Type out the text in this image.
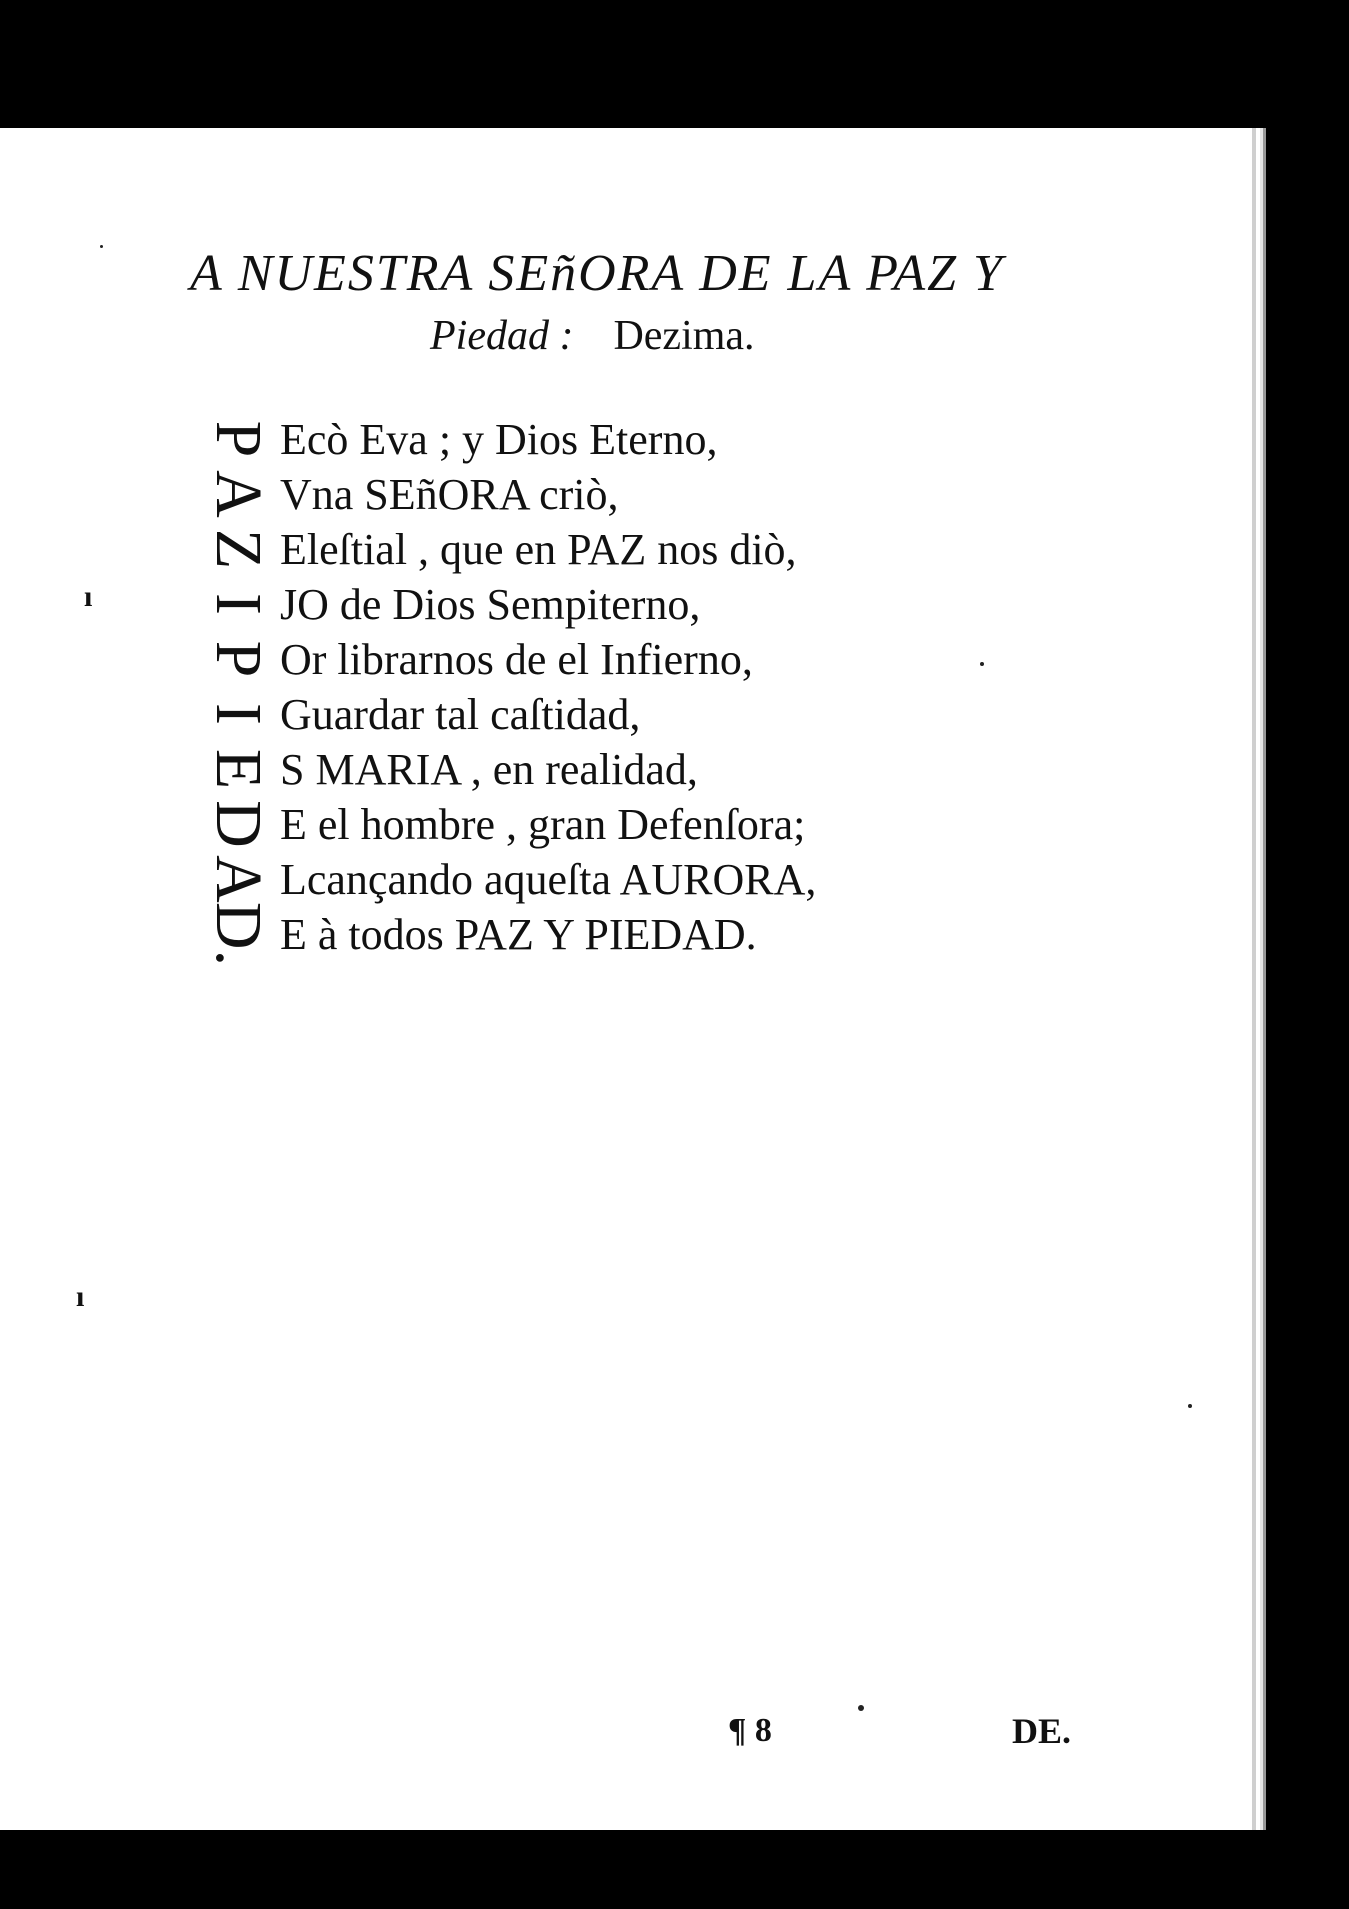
A NUESTRA SEñORA DE LA PAZ Y
Piedad : Dezima.
P
A
Z
I
P
I
E
D
A
D.
Ecò Eva ; y Dios Eterno,
Vna SEñORA criò,
Eleſtial , que en PAZ nos diò,
JO de Dios Sempiterno,
Or librarnos de el Infierno,
Guardar tal caſtidad,
S MARIA , en realidad,
E el hombre , gran Defenſora;
Lcançando aqueſta AURORA,
E à todos PAZ Y PIEDAD.
¶ 8	DE.
ı
ı
